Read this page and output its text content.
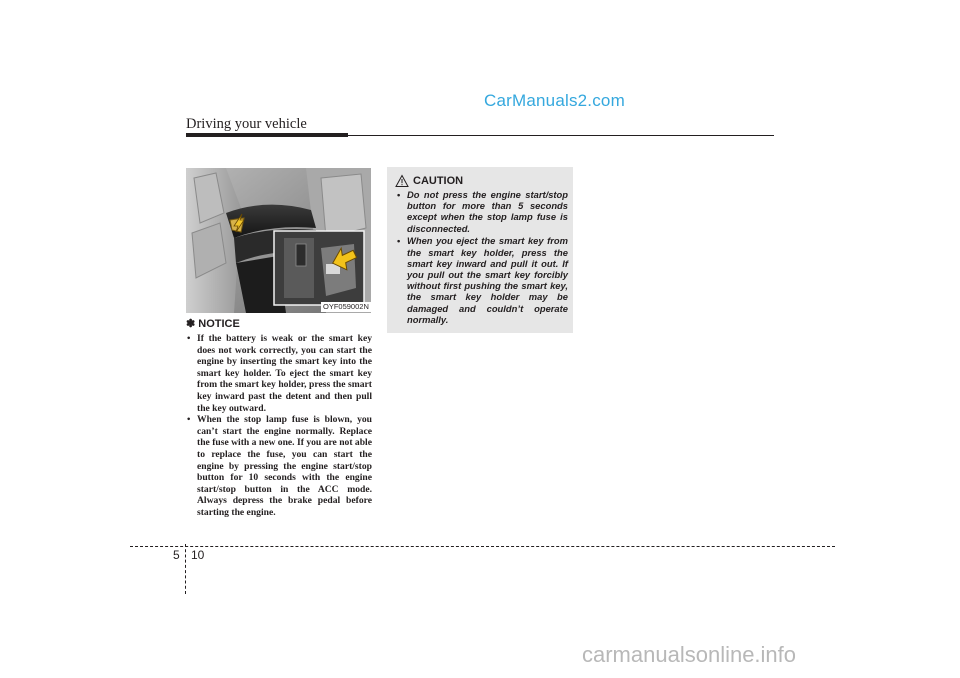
CarManuals2.com
Driving your vehicle
OYF059002N
✽ NOTICE

• If the battery is weak or the smart key does not work correctly, you can start the engine by inserting the smart key into the smart key holder. To eject the smart key from the smart key holder, press the smart key inward past the detent and then pull the key outward.

• When the stop lamp fuse is blown, you can’t start the engine normally. Replace the fuse with a new one. If you are not able to replace the fuse, you can start the engine by pressing the engine start/stop button for 10 seconds with the engine start/stop button in the ACC mode. Always depress the brake pedal before starting the engine.

CAUTION

• Do not press the engine start/stop button for more than 5 seconds except when the stop lamp fuse is disconnected.

• When you eject the smart key from the smart key holder, press the smart key inward and pull it out. If you pull out the smart key forcibly without first pushing the smart key, the smart key holder may be damaged and couldn’t operate normally.

5 10
carmanualsonline.info
